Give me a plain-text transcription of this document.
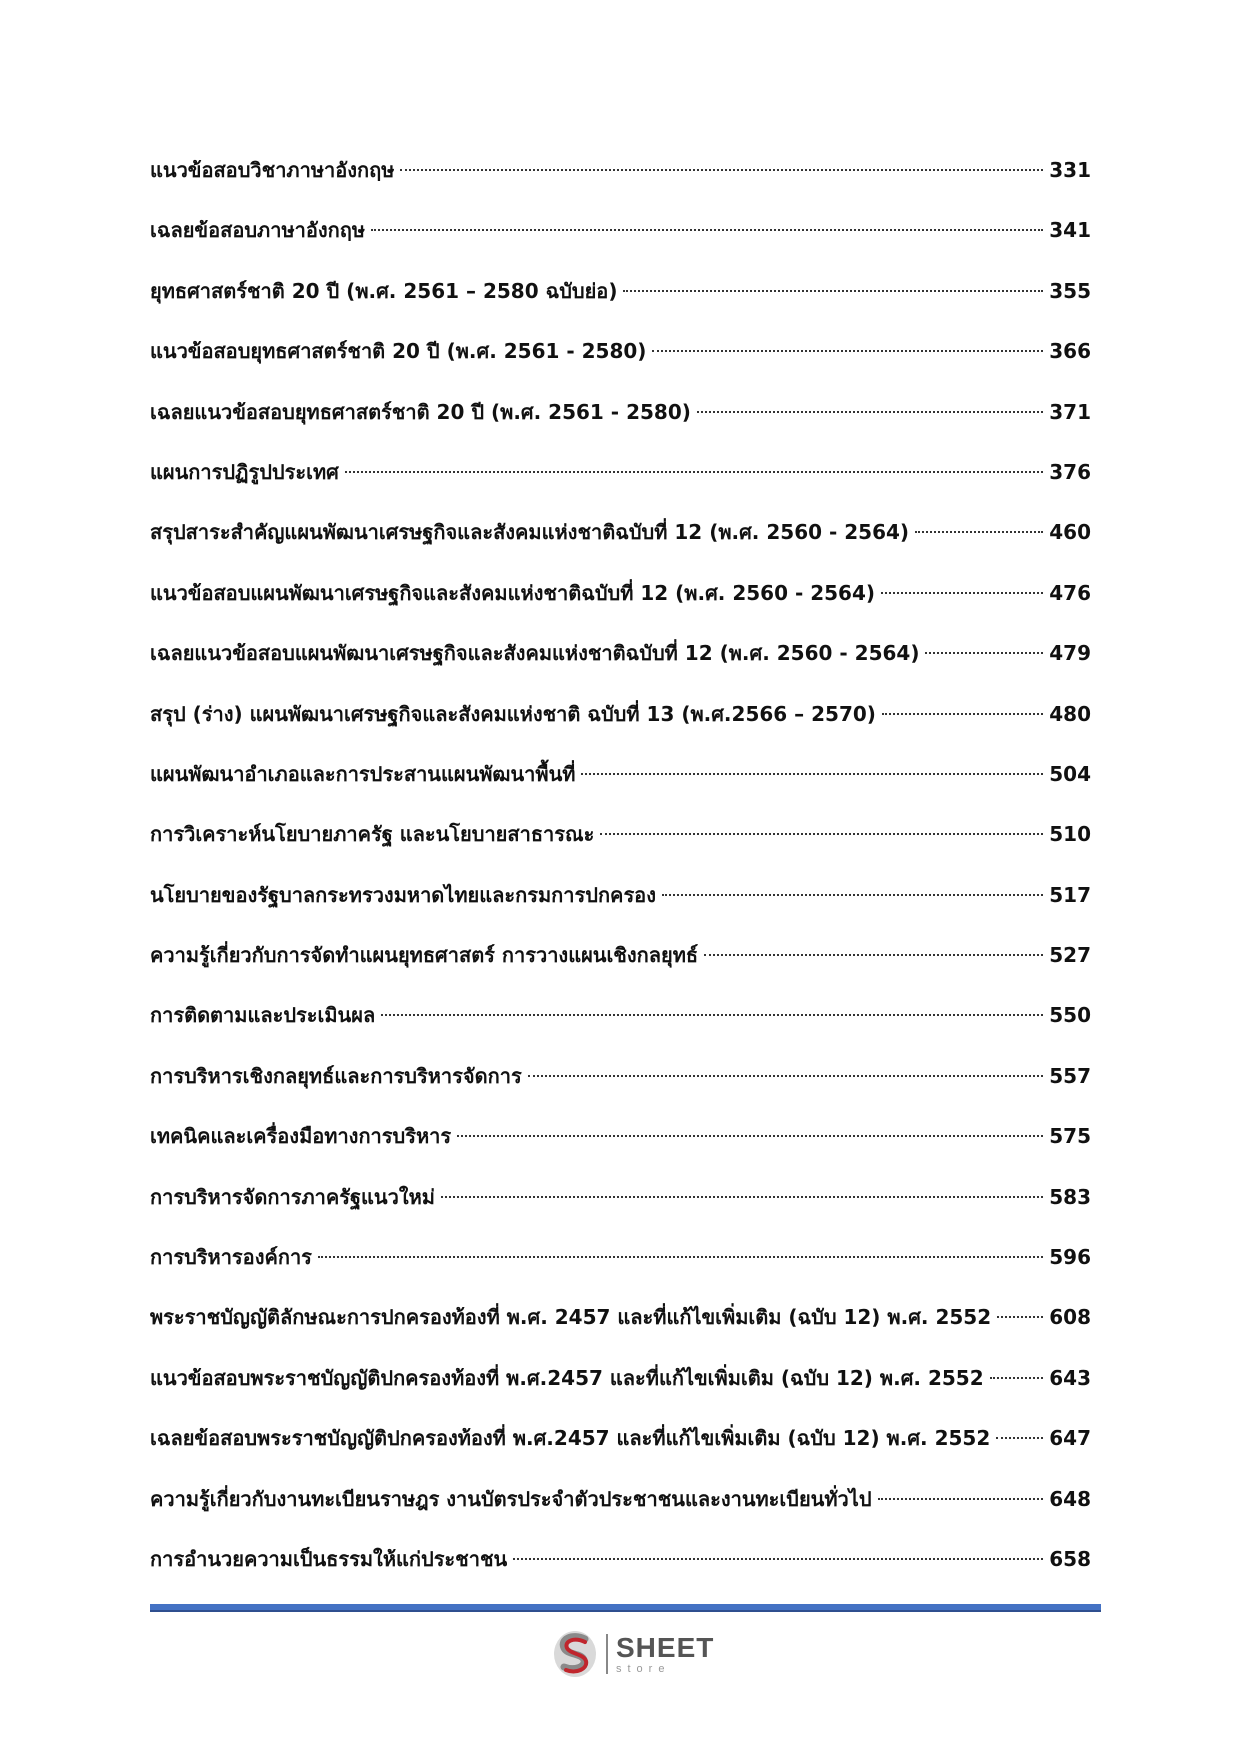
แนวข้อสอบวิชาภาษาอังกฤษ	331
เฉลยข้อสอบภาษาอังกฤษ	341
ยุทธศาสตร์ชาติ 20 ปี (พ.ศ. 2561 – 2580 ฉบับย่อ)	355
แนวข้อสอบยุทธศาสตร์ชาติ 20 ปี (พ.ศ. 2561 - 2580)	366
เฉลยแนวข้อสอบยุทธศาสตร์ชาติ 20 ปี (พ.ศ. 2561 - 2580)	371
แผนการปฏิรูปประเทศ	376
สรุปสาระสำคัญแผนพัฒนาเศรษฐกิจและสังคมแห่งชาติฉบับที่ 12 (พ.ศ. 2560 - 2564)	460
แนวข้อสอบแผนพัฒนาเศรษฐกิจและสังคมแห่งชาติฉบับที่ 12 (พ.ศ. 2560 - 2564)	476
เฉลยแนวข้อสอบแผนพัฒนาเศรษฐกิจและสังคมแห่งชาติฉบับที่ 12 (พ.ศ. 2560 - 2564)	479
สรุป (ร่าง) แผนพัฒนาเศรษฐกิจและสังคมแห่งชาติ ฉบับที่ 13 (พ.ศ.2566 – 2570)	480
แผนพัฒนาอำเภอและการประสานแผนพัฒนาพื้นที่	504
การวิเคราะห์นโยบายภาครัฐ และนโยบายสาธารณะ	510
นโยบายของรัฐบาลกระทรวงมหาดไทยและกรมการปกครอง	517
ความรู้เกี่ยวกับการจัดทำแผนยุทธศาสตร์ การวางแผนเชิงกลยุทธ์	527
การติดตามและประเมินผล	550
การบริหารเชิงกลยุทธ์และการบริหารจัดการ	557
เทคนิคและเครื่องมือทางการบริหาร	575
การบริหารจัดการภาครัฐแนวใหม่	583
การบริหารองค์การ	596
พระราชบัญญัติลักษณะการปกครองท้องที่ พ.ศ. 2457 และที่แก้ไขเพิ่มเติม (ฉบับ 12) พ.ศ. 2552	608
แนวข้อสอบพระราชบัญญัติปกครองท้องที่ พ.ศ.2457 และที่แก้ไขเพิ่มเติม (ฉบับ 12) พ.ศ. 2552	643
เฉลยข้อสอบพระราชบัญญัติปกครองท้องที่ พ.ศ.2457 และที่แก้ไขเพิ่มเติม (ฉบับ 12) พ.ศ. 2552	647
ความรู้เกี่ยวกับงานทะเบียนราษฎร งานบัตรประจำตัวประชาชนและงานทะเบียนทั่วไป	648
การอำนวยความเป็นธรรมให้แก่ประชาชน	658
SHEET
store
